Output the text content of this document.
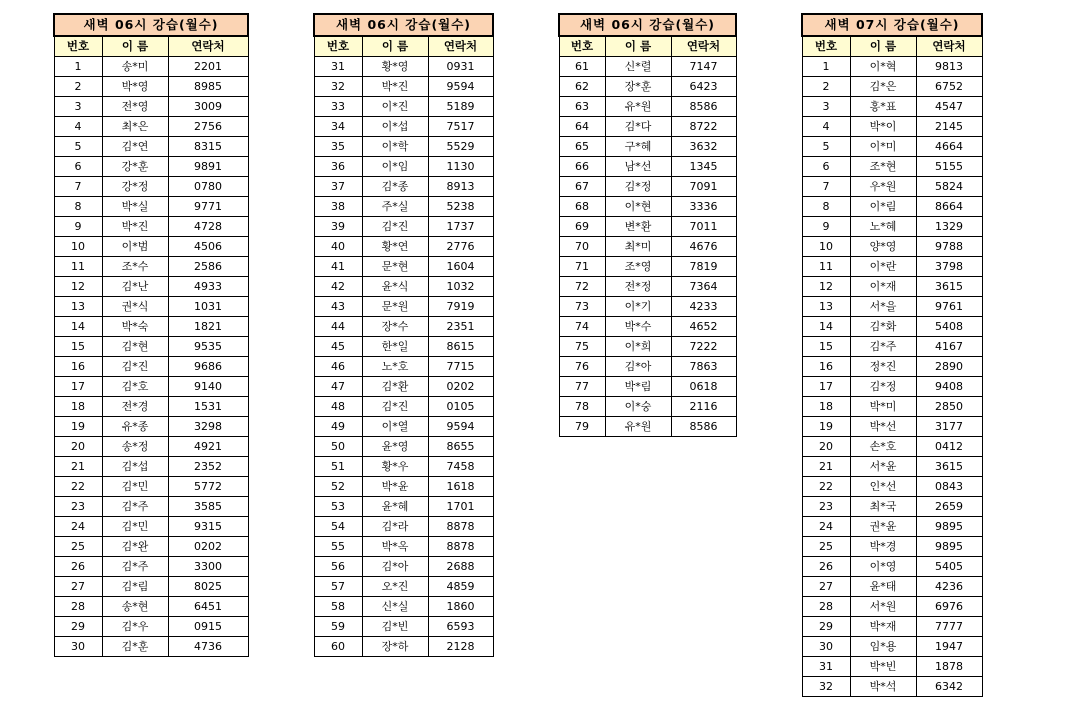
새벽 06시 강습(월수)		
번호	이 름	연락처
1	송*미	2201
2	박*영	8985
3	전*영	3009
4	최*은	2756
5	김*연	8315
6	강*훈	9891
7	강*정	0780
8	박*실	9771
9	박*진	4728
10	이*범	4506
11	조*수	2586
12	김*난	4933
13	권*식	1031
14	박*숙	1821
15	김*현	9535
16	김*진	9686
17	김*호	9140
18	전*경	1531
19	유*종	3298
20	송*정	4921
21	김*섭	2352
22	김*민	5772
23	김*주	3585
24	김*민	9315
25	김*완	0202
26	김*주	3300
27	김*림	8025
28	송*현	6451
29	김*우	0915
30	김*훈	4736
새벽 06시 강습(월수)		
번호	이 름	연락처
31	황*영	0931
32	박*진	9594
33	이*진	5189
34	이*섭	7517
35	이*학	5529
36	이*임	1130
37	김*종	8913
38	주*실	5238
39	김*진	1737
40	황*연	2776
41	문*현	1604
42	윤*식	1032
43	문*원	7919
44	장*수	2351
45	한*일	8615
46	노*호	7715
47	김*환	0202
48	김*진	0105
49	이*열	9594
50	윤*영	8655
51	황*우	7458
52	박*윤	1618
53	윤*혜	1701
54	김*라	8878
55	박*옥	8878
56	김*아	2688
57	오*진	4859
58	신*실	1860
59	김*빈	6593
60	장*하	2128
새벽 06시 강습(월수)		
번호	이 름	연락처
61	신*렬	7147
62	장*훈	6423
63	유*원	8586
64	김*다	8722
65	구*혜	3632
66	남*선	1345
67	김*정	7091
68	이*현	3336
69	변*환	7011
70	최*미	4676
71	조*영	7819
72	전*정	7364
73	이*기	4233
74	박*수	4652
75	이*희	7222
76	김*아	7863
77	박*림	0618
78	이*숭	2116
79	유*원	8586
새벽 07시 강습(월수)		
번호	이 름	연락처
1	이*혁	9813
2	김*은	6752
3	홍*표	4547
4	박*이	2145
5	이*미	4664
6	조*현	5155
7	우*원	5824
8	이*림	8664
9	노*혜	1329
10	양*영	9788
11	이*란	3798
12	이*재	3615
13	서*을	9761
14	김*화	5408
15	김*주	4167
16	정*진	2890
17	김*정	9408
18	박*미	2850
19	박*선	3177
20	손*호	0412
21	서*윤	3615
22	인*선	0843
23	최*국	2659
24	권*윤	9895
25	박*경	9895
26	이*영	5405
27	윤*태	4236
28	서*원	6976
29	박*재	7777
30	임*용	1947
31	박*빈	1878
32	박*석	6342
